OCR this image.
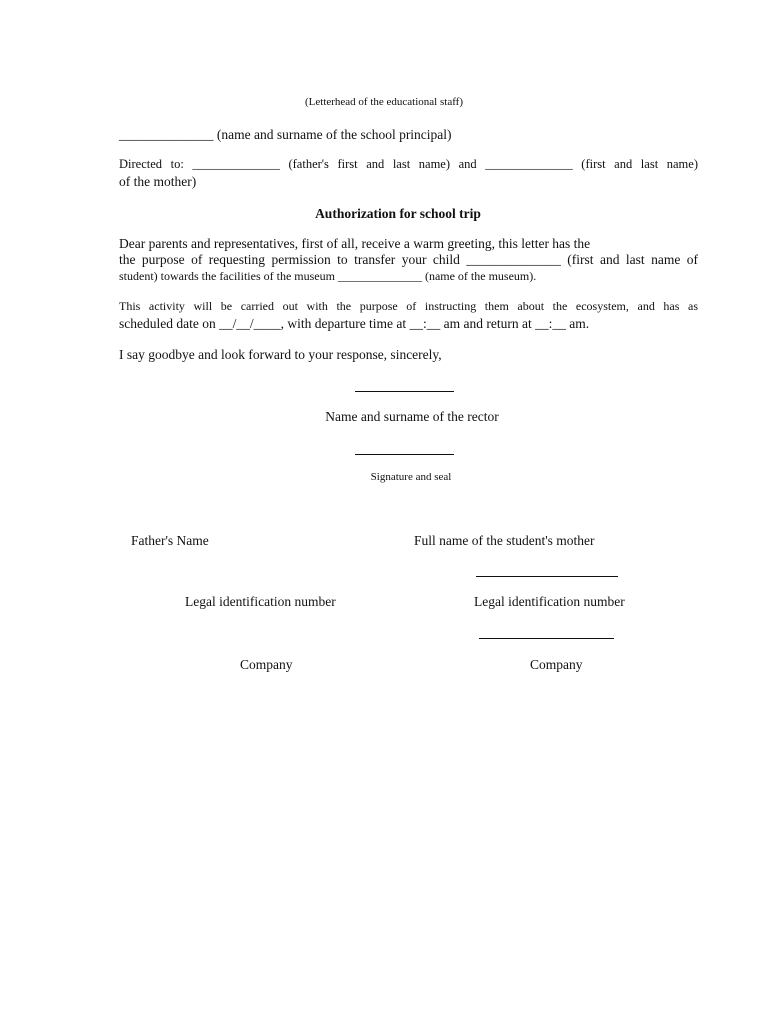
(Letterhead of the educational staff)
______________ (name and surname of the school principal)
Directed to: ______________ (father's first and last name) and ______________ (first and last name)
of the mother)
Authorization for school trip
Dear parents and representatives, first of all, receive a warm greeting, this letter has the
the purpose of requesting permission to transfer your child ______________ (first and last name of
student) towards the facilities of the museum ______________ (name of the museum).
This activity will be carried out with the purpose of instructing them about the ecosystem, and has as
scheduled date on __/__/____, with departure time at __:__ am and return at __:__ am.
I say goodbye and look forward to your response, sincerely,
Name and surname of the rector
Signature and seal
Father's Name	Full name of the student's mother
Legal identification number	Legal identification number
Company	Company
